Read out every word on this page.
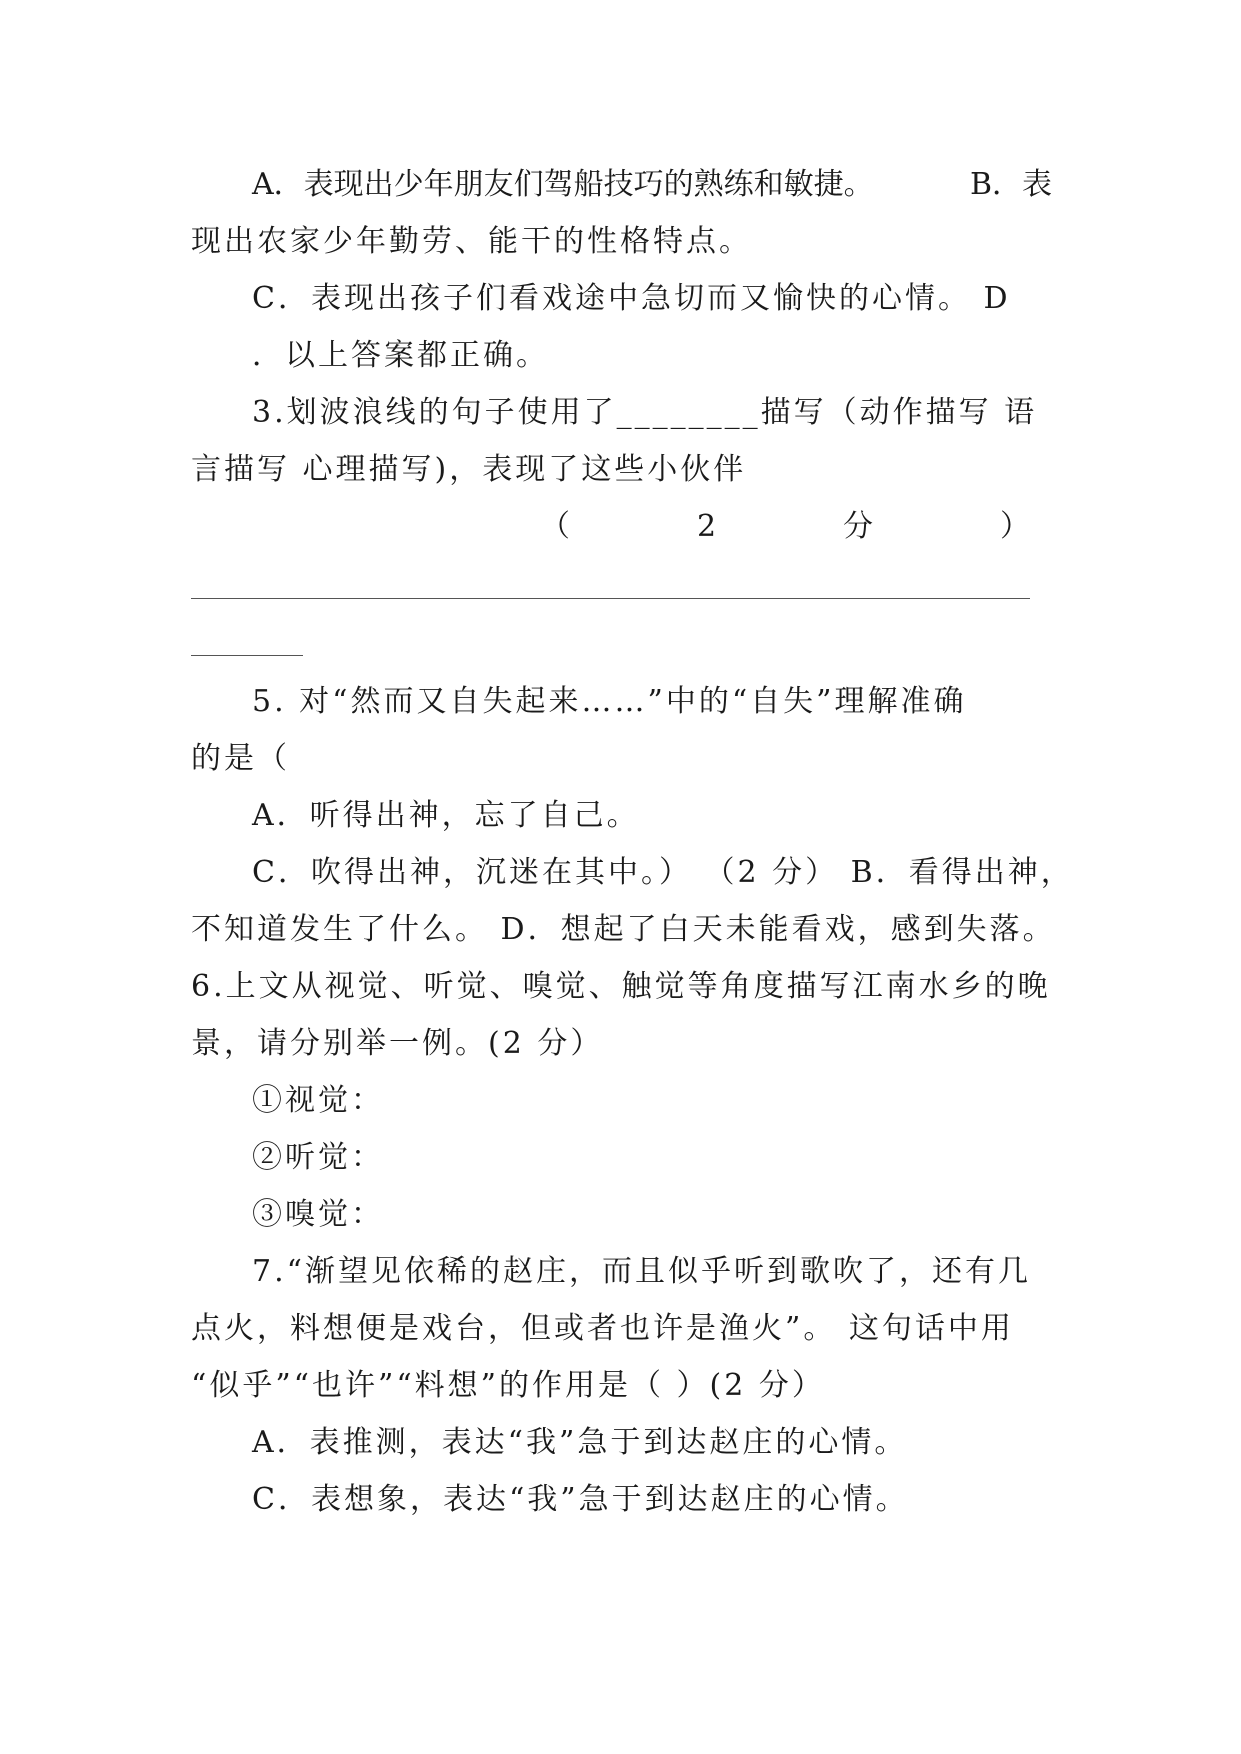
A．表现出少年朋友们驾船技巧的熟练和敏捷。	B．表
现出农家少年勤劳、能干的性格特点。
C．表现出孩子们看戏途中急切而又愉快的心情。 D
．以上答案都正确。
3.划波浪线的句子使用了________描写（动作描写 语
言描写 心理描写)，表现了这些小伙伴
（	2	分	）
5. 对“然而又自失起来……”中的“自失”理解准确
的是（
A．听得出神，忘了自己。
C．吹得出神，沉迷在其中。） （2 分） B．看得出神，
不知道发生了什么。 D．想起了白天未能看戏，感到失落。
6.上文从视觉、听觉、嗅觉、触觉等角度描写江南水乡的晚
景，请分别举一例。(2 分）
①视觉：
②听觉：
③嗅觉：
7.“渐望见依稀的赵庄，而且似乎听到歌吹了，还有几
点火，料想便是戏台，但或者也许是渔火”。 这句话中用
“似乎”“也许”“料想”的作用是（ ）(2 分）
A．表推测，表达“我”急于到达赵庄的心情。
C．表想象，表达“我”急于到达赵庄的心情。
